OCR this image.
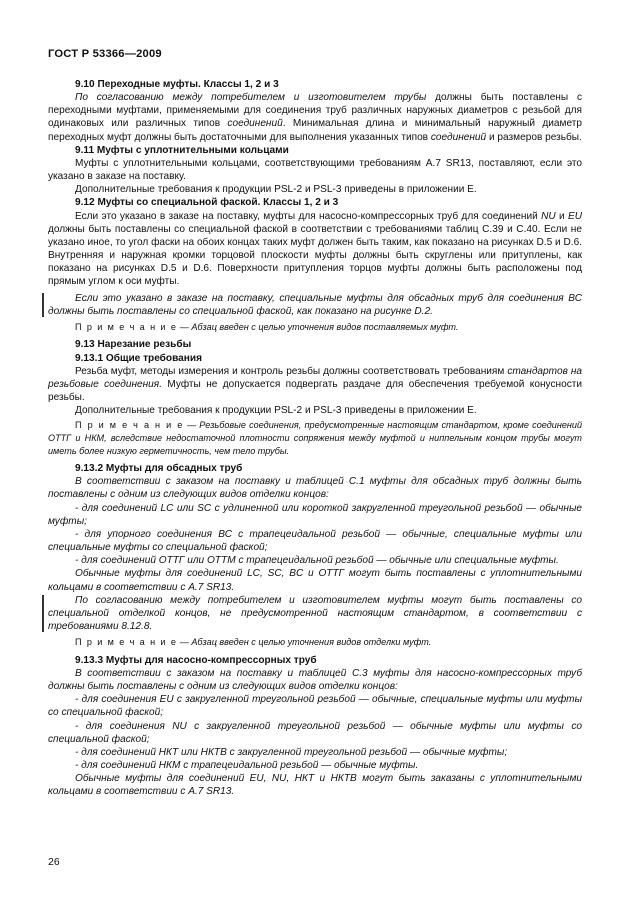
ГОСТ Р 53366—2009

9.10 Переходные муфты. Классы 1, 2 и 3

По согласованию между потребителем и изготовителем трубы должны быть поставлены с переходными муфтами, применяемыми для соединения труб различных наружных диаметров с резьбой для одинаковых или различных типов соединений. Минимальная длина и минимальный наружный диаметр переходных муфт должны быть достаточными для выполнения указанных типов соединений и размеров резьбы.

9.11 Муфты с уплотнительными кольцами

Муфты с уплотнительными кольцами, соответствующими требованиям А.7 SR13, поставляют, если это указано в заказе на поставку.

Дополнительные требования к продукции PSL-2 и PSL-3 приведены в приложении Е.

9.12 Муфты со специальной фаской. Классы 1, 2 и 3

Если это указано в заказе на поставку, муфты для насосно-компрессорных труб для соединений NU и EU должны быть поставлены со специальной фаской в соответствии с требованиями таблиц С.39 и С.40. Если не указано иное, то угол фаски на обоих концах таких муфт должен быть таким, как показано на рисунках D.5 и D.6. Внутренняя и наружная кромки торцовой плоскости муфты должны быть скруглены или притуплены, как показано на рисунках D.5 и D.6. Поверхности притупления торцов муфты должны быть расположены под прямым углом к оси муфты.

Если это указано в заказе на поставку, специальные муфты для обсадных труб для соединения ВС должны быть поставлены со специальной фаской, как показано на рисунке D.2.

П р и м е ч а н и е — Абзац введен с целью уточнения видов поставляемых муфт.

9.13 Нарезание резьбы

9.13.1 Общие требования

Резьба муфт, методы измерения и контроль резьбы должны соответствовать требованиям стандартов на резьбовые соединения. Муфты не допускается подвергать раздаче для обеспечения требуемой конусности резьбы.

Дополнительные требования к продукции PSL-2 и PSL-3 приведены в приложении Е.

П р и м е ч а н и е — Резьбовые соединения, предусмотренные настоящим стандартом, кроме соединений ОТТГ и НКМ, вследствие недостаточной плотности сопряжения между муфтой и ниппельным концом трубы могут иметь более низкую герметичность, чем тело трубы.

9.13.2 Муфты для обсадных труб

В соответствии с заказом на поставку и таблицей С.1 муфты для обсадных труб должны быть поставлены с одним из следующих видов отделки концов:

- для соединений LC или SC с удлиненной или короткой закругленной треугольной резьбой — обычные муфты;

- для упорного соединения ВС с трапецеидальной резьбой — обычные, специальные муфты или специальные муфты со специальной фаской;

- для соединений ОТТГ или ОТТМ с трапецеидальной резьбой — обычные или специальные муфты.

Обычные муфты для соединений LC, SC, BC и ОТТГ могут быть поставлены с уплотнительными кольцами в соответствии с А.7 SR13.

По согласованию между потребителем и изготовителем муфты могут быть поставлены со специальной отделкой концов, не предусмотренной настоящим стандартом, в соответствии с требованиями 8.12.8.

П р и м е ч а н и е — Абзац введен с целью уточнения видов отделки муфт.

9.13.3 Муфты для насосно-компрессорных труб

В соответствии с заказом на поставку и таблицей С.3 муфты для насосно-компрессорных труб должны быть поставлены с одним из следующих видов отделки концов:

- для соединения EU с закругленной треугольной резьбой — обычные, специальные муфты или муфты со специальной фаской;

- для соединения NU с закругленной треугольной резьбой — обычные муфты или муфты со специальной фаской;

- для соединений НКТ или НКТВ с закругленной треугольной резьбой — обычные муфты;

- для соединений НКМ с трапецеидальной резьбой — обычные муфты.

Обычные муфты для соединений EU, NU, НКТ и НКТВ могут быть заказаны с уплотнительными кольцами в соответствии с А.7 SR13.

26
